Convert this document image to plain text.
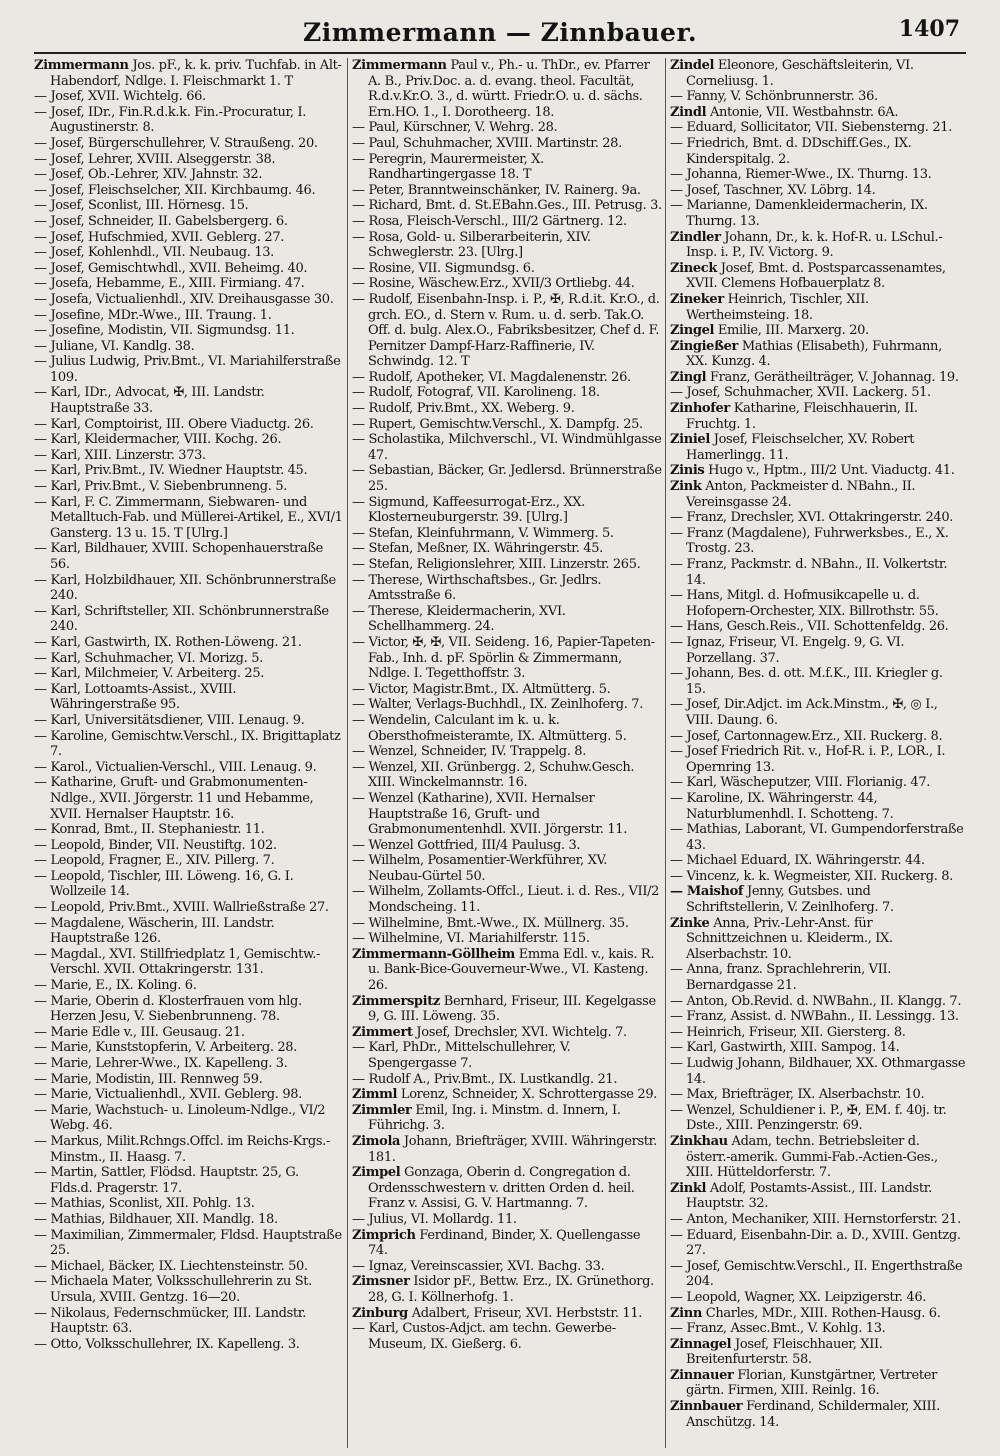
Zimmermann — Zinnbauer.	1407

Zimmermann Jos. pF., k. k. priv. Tuchfab. in Alt-Habendorf, Ndlge. I. Fleischmarkt 1. T

— Josef, XVII. Wichtelg. 66.

— Josef, IDr., Fin.R.d.k.k. Fin.-Procuratur, I. Augustinerstr. 8.

— Josef, Bürgerschullehrer, V. Straußeng. 20.

— Josef, Lehrer, XVIII. Alseggerstr. 38.

— Josef, Ob.-Lehrer, XIV. Jahnstr. 32.

— Josef, Fleischselcher, XII. Kirchbaumg. 46.

— Josef, Sconlist, III. Hörnesg. 15.

— Josef, Schneider, II. Gabelsbergerg. 6.

— Josef, Hufschmied, XVII. Geblerg. 27.

— Josef, Kohlenhdl., VII. Neubaug. 13.

— Josef, Gemischtwhdl., XVII. Beheimg. 40.

— Josefa, Hebamme, E., XIII. Firmiang. 47.

— Josefa, Victualienhdl., XIV. Dreihausgasse 30.

— Josefine, MDr.-Wwe., III. Traung. 1.

— Josefine, Modistin, VII. Sigmundsg. 11.

— Juliane, VI. Kandlg. 38.

— Julius Ludwig, Priv.Bmt., VI. Mariahilferstraße 109.

— Karl, IDr., Advocat, ✠, III. Landstr. Hauptstraße 33.

— Karl, Comptoirist, III. Obere Viaductg. 26.

— Karl, Kleidermacher, VIII. Kochg. 26.

— Karl, XIII. Linzerstr. 373.

— Karl, Priv.Bmt., IV. Wiedner Hauptstr. 45.

— Karl, Priv.Bmt., V. Siebenbrunneng. 5.

— Karl, F. C. Zimmermann, Siebwaren- und Metalltuch-Fab. und Müllerei-Artikel, E., XVI/1 Gansterg. 13 u. 15. T [Ulrg.]

— Karl, Bildhauer, XVIII. Schopenhauerstraße 56.

— Karl, Holzbildhauer, XII. Schönbrunnerstraße 240.

— Karl, Schriftsteller, XII. Schönbrunnerstraße 240.

— Karl, Gastwirth, IX. Rothen-Löweng. 21.

— Karl, Schuhmacher, VI. Morizg. 5.

— Karl, Milchmeier, V. Arbeiterg. 25.

— Karl, Lottoamts-Assist., XVIII. Währingerstraße 95.

— Karl, Universitätsdiener, VIII. Lenaug. 9.

— Karoline, Gemischtw.Verschl., IX. Brigittaplatz 7.

— Karol., Victualien-Verschl., VIII. Lenaug. 9.

— Katharine, Gruft- und Grabmonumenten-Ndlge., XVII. Jörgerstr. 11 und Hebamme, XVII. Hernalser Hauptstr. 16.

— Konrad, Bmt., II. Stephaniestr. 11.

— Leopold, Binder, VII. Neustiftg. 102.

— Leopold, Fragner, E., XIV. Pillerg. 7.

— Leopold, Tischler, III. Löweng. 16, G. I. Wollzeile 14.

— Leopold, Priv.Bmt., XVIII. Wallrießstraße 27.

— Magdalene, Wäscherin, III. Landstr. Hauptstraße 126.

— Magdal., XVI. Stillfriedplatz 1, Gemischtw.-Verschl. XVII. Ottakringerstr. 131.

— Marie, E., IX. Koling. 6.

— Marie, Oberin d. Klosterfrauen vom hlg. Herzen Jesu, V. Siebenbrunneng. 78.

— Marie Edle v., III. Geusaug. 21.

— Marie, Kunststopferin, V. Arbeiterg. 28.

— Marie, Lehrer-Wwe., IX. Kapelleng. 3.

— Marie, Modistin, III. Rennweg 59.

— Marie, Victualienhdl., XVII. Geblerg. 98.

— Marie, Wachstuch- u. Linoleum-Ndlge., VI/2 Webg. 46.

— Markus, Milit.Rchngs.Offcl. im Reichs-Krgs.-Minstm., II. Haasg. 7.

— Martin, Sattler, Flödsd. Hauptstr. 25, G. Flds.d. Pragerstr. 17.

— Mathias, Sconlist, XII. Pohlg. 13.

— Mathias, Bildhauer, XII. Mandlg. 18.

— Maximilian, Zimmermaler, Fldsd. Hauptstraße 25.

— Michael, Bäcker, IX. Liechtensteinstr. 50.

— Michaela Mater, Volksschullehrerin zu St. Ursula, XVIII. Gentzg. 16—20.

— Nikolaus, Federnschmücker, III. Landstr. Hauptstr. 63.

— Otto, Volksschullehrer, IX. Kapelleng. 3.

Zimmermann Paul v., Ph.- u. ThDr., ev. Pfarrer A. B., Priv.Doc. a. d. evang. theol. Facultät, R.d.v.Kr.O. 3., d. württ. Friedr.O. u. d. sächs. Ern.HO. 1., I. Dorotheerg. 18.

— Paul, Kürschner, V. Wehrg. 28.

— Paul, Schuhmacher, XVIII. Martinstr. 28.

— Peregrin, Maurermeister, X. Randhartingergasse 18. T

— Peter, Branntweinschänker, IV. Rainerg. 9a.

— Richard, Bmt. d. St.EBahn.Ges., III. Petrusg. 3.

— Rosa, Fleisch-Verschl., III/2 Gärtnerg. 12.

— Rosa, Gold- u. Silberarbeiterin, XIV. Schweglerstr. 23. [Ulrg.]

— Rosine, VII. Sigmundsg. 6.

— Rosine, Wäschew.Erz., XVII/3 Ortliebg. 44.

— Rudolf, Eisenbahn-Insp. i. P., ✠, R.d.it. Kr.O., d. grch. EO., d. Stern v. Rum. u. d. serb. Tak.O. Off. d. bulg. Alex.O., Fabriksbesitzer, Chef d. F. Pernitzer Dampf-Harz-Raffinerie, IV. Schwindg. 12. T

— Rudolf, Apotheker, VI. Magdalenenstr. 26.

— Rudolf, Fotograf, VII. Karolineng. 18.

— Rudolf, Priv.Bmt., XX. Weberg. 9.

— Rupert, Gemischtw.Verschl., X. Dampfg. 25.

— Scholastika, Milchverschl., VI. Windmühlgasse 47.

— Sebastian, Bäcker, Gr. Jedlersd. Brünnerstraße 25.

— Sigmund, Kaffeesurrogat-Erz., XX. Klosterneuburgerstr. 39. [Ulrg.]

— Stefan, Kleinfuhrmann, V. Wimmerg. 5.

— Stefan, Meßner, IX. Währingerstr. 45.

— Stefan, Religionslehrer, XIII. Linzerstr. 265.

— Therese, Wirthschaftsbes., Gr. Jedlrs. Amtsstraße 6.

— Therese, Kleidermacherin, XVI. Schellhammerg. 24.

— Victor, ✠, ✠, VII. Seideng. 16, Papier-Tapeten-Fab., Inh. d. pF. Spörlin & Zimmermann, Ndlge. I. Tegetthoffstr. 3.

— Victor, Magistr.Bmt., IX. Altmütterg. 5.

— Walter, Verlags-Buchhdl., IX. Zeinlhoferg. 7.

— Wendelin, Calculant im k. u. k. Obersthofmeisteramte, IX. Altmütterg. 5.

— Wenzel, Schneider, IV. Trappelg. 8.

— Wenzel, XII. Grünbergg. 2, Schuhw.Gesch. XIII. Winckelmannstr. 16.

— Wenzel (Katharine), XVII. Hernalser Hauptstraße 16, Gruft- und Grabmonumentenhdl. XVII. Jörgerstr. 11.

— Wenzel Gottfried, III/4 Paulusg. 3.

— Wilhelm, Posamentier-Werkführer, XV. Neubau-Gürtel 50.

— Wilhelm, Zollamts-Offcl., Lieut. i. d. Res., VII/2 Mondscheing. 11.

— Wilhelmine, Bmt.-Wwe., IX. Müllnerg. 35.

— Wilhelmine, VI. Mariahilferstr. 115.

Zimmermann-Göllheim Emma Edl. v., kais. R. u. Bank-Bice-Gouverneur-Wwe., VI. Kasteng. 26.

Zimmerspitz Bernhard, Friseur, III. Kegelgasse 9, G. III. Löweng. 35.

Zimmert Josef, Drechsler, XVI. Wichtelg. 7.

— Karl, PhDr., Mittelschullehrer, V. Spengergasse 7.

— Rudolf A., Priv.Bmt., IX. Lustkandlg. 21.

Zimml Lorenz, Schneider, X. Schrottergasse 29.

Zimmler Emil, Ing. i. Minstm. d. Innern, I. Führichg. 3.

Zimola Johann, Briefträger, XVIII. Währingerstr. 181.

Zimpel Gonzaga, Oberin d. Congregation d. Ordensschwestern v. dritten Orden d. heil. Franz v. Assisi, G. V. Hartmanng. 7.

— Julius, VI. Mollardg. 11.

Zimprich Ferdinand, Binder, X. Quellengasse 74.

— Ignaz, Vereinscassier, XVI. Bachg. 33.

Zimsner Isidor pF., Bettw. Erz., IX. Grünethorg. 28, G. I. Köllnerhofg. 1.

Zinburg Adalbert, Friseur, XVI. Herbststr. 11.

— Karl, Custos-Adjct. am techn. Gewerbe-Museum, IX. Gießerg. 6.

Zindel Eleonore, Geschäftsleiterin, VI. Corneliusg. 1.

— Fanny, V. Schönbrunnerstr. 36.

Zindl Antonie, VII. Westbahnstr. 6A.

— Eduard, Sollicitator, VII. Siebensterng. 21.

— Friedrich, Bmt. d. DDschiff.Ges., IX. Kinderspitalg. 2.

— Johanna, Riemer-Wwe., IX. Thurng. 13.

— Josef, Taschner, XV. Löbrg. 14.

— Marianne, Damenkleidermacherin, IX. Thurng. 13.

Zindler Johann, Dr., k. k. Hof-R. u. LSchul.-Insp. i. P., IV. Victorg. 9.

Zineck Josef, Bmt. d. Postsparcassenamtes, XVII. Clemens Hofbauerplatz 8.

Zineker Heinrich, Tischler, XII. Wertheimsteing. 18.

Zingel Emilie, III. Marxerg. 20.

Zingießer Mathias (Elisabeth), Fuhrmann, XX. Kunzg. 4.

Zingl Franz, Gerätheilträger, V. Johannag. 19.

— Josef, Schuhmacher, XVII. Lackerg. 51.

Zinhofer Katharine, Fleischhauerin, II. Fruchtg. 1.

Ziniel Josef, Fleischselcher, XV. Robert Hamerlingg. 11.

Zinis Hugo v., Hptm., III/2 Unt. Viaductg. 41.

Zink Anton, Packmeister d. NBahn., II. Vereinsgasse 24.

— Franz, Drechsler, XVI. Ottakringerstr. 240.

— Franz (Magdalene), Fuhrwerksbes., E., X. Trostg. 23.

— Franz, Packmstr. d. NBahn., II. Volkertstr. 14.

— Hans, Mitgl. d. Hofmusikcapelle u. d. Hofopern-Orchester, XIX. Billrothstr. 55.

— Hans, Gesch.Reis., VII. Schottenfeldg. 26.

— Ignaz, Friseur, VI. Engelg. 9, G. VI. Porzellang. 37.

— Johann, Bes. d. ott. M.f.K., III. Kriegler g. 15.

— Josef, Dir.Adjct. im Ack.Minstm., ✠, ◎ I., VIII. Daung. 6.

— Josef, Cartonnagew.Erz., XII. Ruckerg. 8.

— Josef Friedrich Rit. v., Hof-R. i. P., LOR., I. Opernring 13.

— Karl, Wäscheputzer, VIII. Florianig. 47.

— Karoline, IX. Währingerstr. 44, Naturblumenhdl. I. Schotteng. 7.

— Mathias, Laborant, VI. Gumpendorferstraße 43.

— Michael Eduard, IX. Währingerstr. 44.

— Vincenz, k. k. Wegmeister, XII. Ruckerg. 8.

— Maishof Jenny, Gutsbes. und Schriftstellerin, V. Zeinlhoferg. 7.

Zinke Anna, Priv.-Lehr-Anst. für Schnittzeichnen u. Kleiderm., IX. Alserbachstr. 10.

— Anna, franz. Sprachlehrerin, VII. Bernardgasse 21.

— Anton, Ob.Revid. d. NWBahn., II. Klangg. 7.

— Franz, Assist. d. NWBahn., II. Lessingg. 13.

— Heinrich, Friseur, XII. Giersterg. 8.

— Karl, Gastwirth, XIII. Sampog. 14.

— Ludwig Johann, Bildhauer, XX. Othmargasse 14.

— Max, Briefträger, IX. Alserbachstr. 10.

— Wenzel, Schuldiener i. P., ✠, EM. f. 40j. tr. Dste., XIII. Penzingerstr. 69.

Zinkhau Adam, techn. Betriebsleiter d. österr.-amerik. Gummi-Fab.-Actien-Ges., XIII. Hütteldorferstr. 7.

Zinkl Adolf, Postamts-Assist., III. Landstr. Hauptstr. 32.

— Anton, Mechaniker, XIII. Hernstorferstr. 21.

— Eduard, Eisenbahn-Dir. a. D., XVIII. Gentzg. 27.

— Josef, Gemischtw.Verschl., II. Engerthstraße 204.

— Leopold, Wagner, XX. Leipzigerstr. 46.

Zinn Charles, MDr., XIII. Rothen-Hausg. 6.

— Franz, Assec.Bmt., V. Kohlg. 13.

Zinnagel Josef, Fleischhauer, XII. Breitenfurterstr. 58.

Zinnauer Florian, Kunstgärtner, Vertreter gärtn. Firmen, XIII. Reinlg. 16.

Zinnbauer Ferdinand, Schildermaler, XIII. Anschützg. 14.
